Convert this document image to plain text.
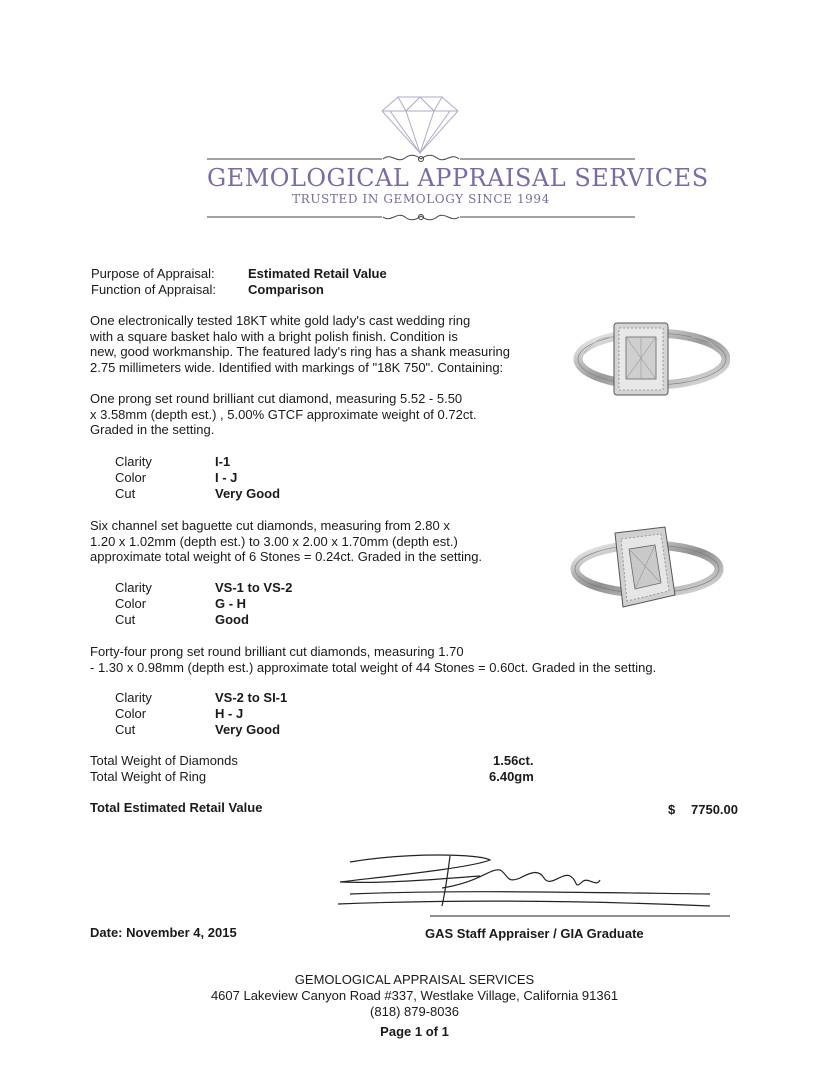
GEMOLOGICAL APPRAISAL SERVICES
TRUSTED IN GEMOLOGY SINCE 1994
Purpose of Appraisal:	Estimated Retail Value
Function of Appraisal: Comparison
One electronically tested 18KT white gold lady's cast wedding ring
with a square basket halo with a bright polish finish. Condition is
new, good workmanship. The featured lady's ring has a shank measuring
2.75 millimeters wide. Identified with markings of "18K 750". Containing:
One prong set round brilliant cut diamond, measuring 5.52 - 5.50
x 3.58mm (depth est.) , 5.00% GTCF approximate weight of 0.72ct.
Graded in the setting.
Clarity	I-1
Color	I - J
Cut	Very Good
Six channel set baguette cut diamonds, measuring from 2.80 x
1.20 x 1.02mm (depth est.) to 3.00 x 2.00 x 1.70mm (depth est.)
approximate total weight of 6 Stones = 0.24ct. Graded in the setting.
Clarity	VS-1 to VS-2
Color	G - H
Cut	Good
Forty-four prong set round brilliant cut diamonds, measuring 1.70
- 1.30 x 0.98mm (depth est.) approximate total weight of 44 Stones = 0.60ct. Graded in the setting.
Clarity	VS-2 to SI-1
Color	H - J
Cut	Very Good
Total Weight of Diamonds	1.56ct.
Total Weight of Ring	6.40gm
Total Estimated Retail Value	$ 7750.00
Date: November 4, 2015	GAS Staff Appraiser / GIA Graduate
GEMOLOGICAL APPRAISAL SERVICES
4607 Lakeview Canyon Road #337, Westlake Village, California 91361
(818) 879-8036
Page 1 of 1
